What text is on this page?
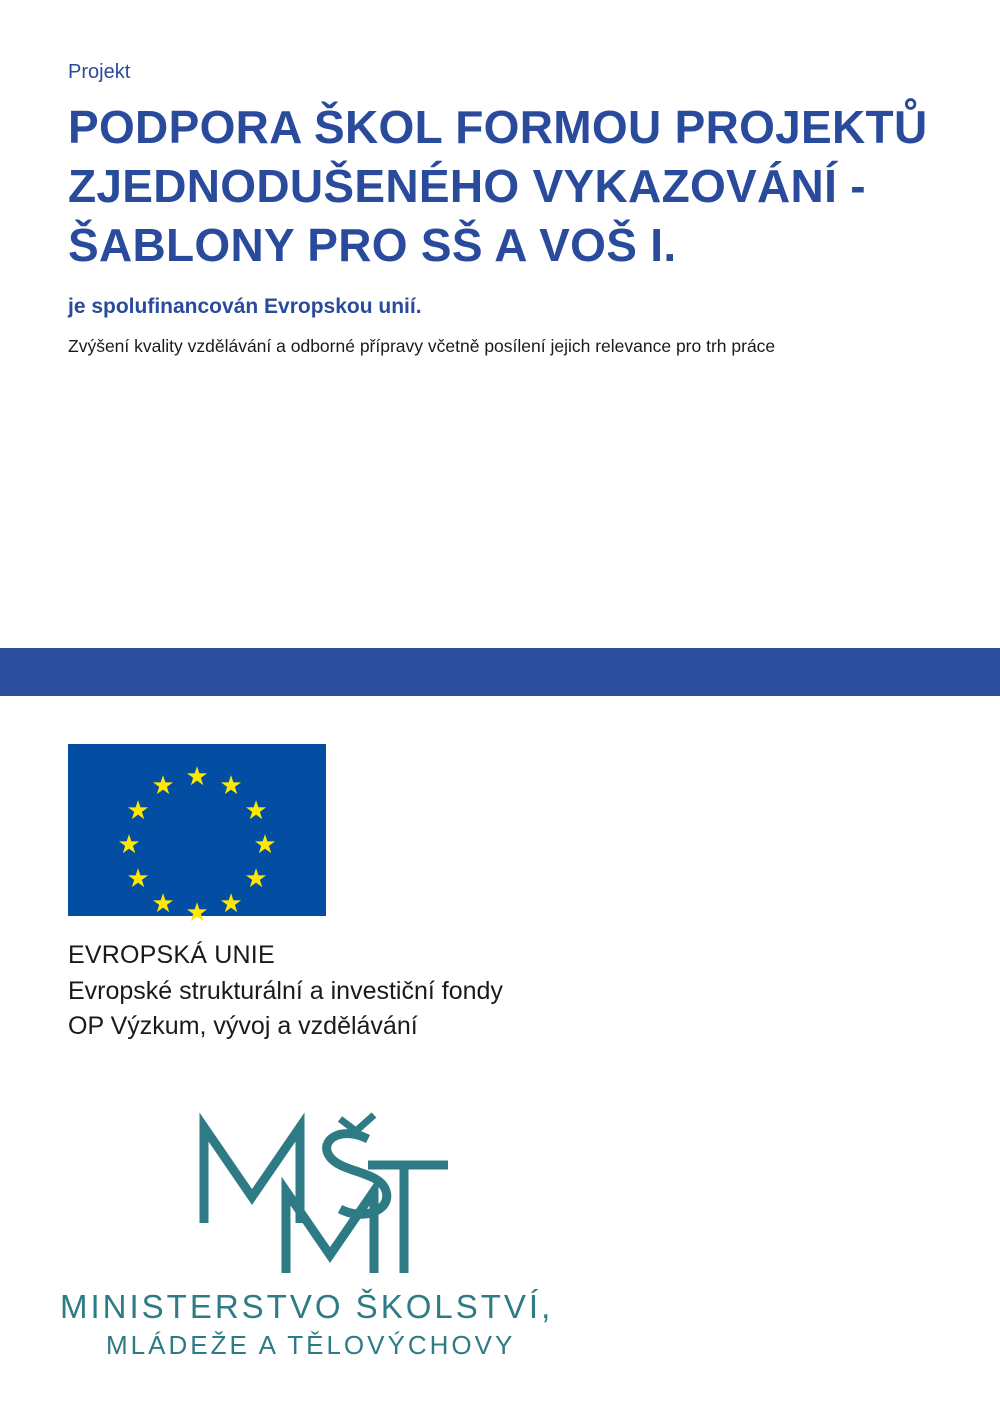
Projekt
PODPORA ŠKOL FORMOU PROJEKTŮ ZJEDNODUŠENÉHO VYKAZOVÁNÍ - ŠABLONY PRO SŠ A VOŠ I.
je spolufinancován Evropskou unií.
Zvýšení kvality vzdělávání a odborné přípravy včetně posílení jejich relevance pro trh práce
★ ★
★
★
★
★
★
★
★
★
★
★
EVROPSKÁ UNIE
Evropské strukturální a investiční fondy
OP Výzkum, vývoj a vzdělávání
MINISTERSTVO ŠKOLSTVÍ,
MLÁDEŽE A TĚLOVÝCHOVY
